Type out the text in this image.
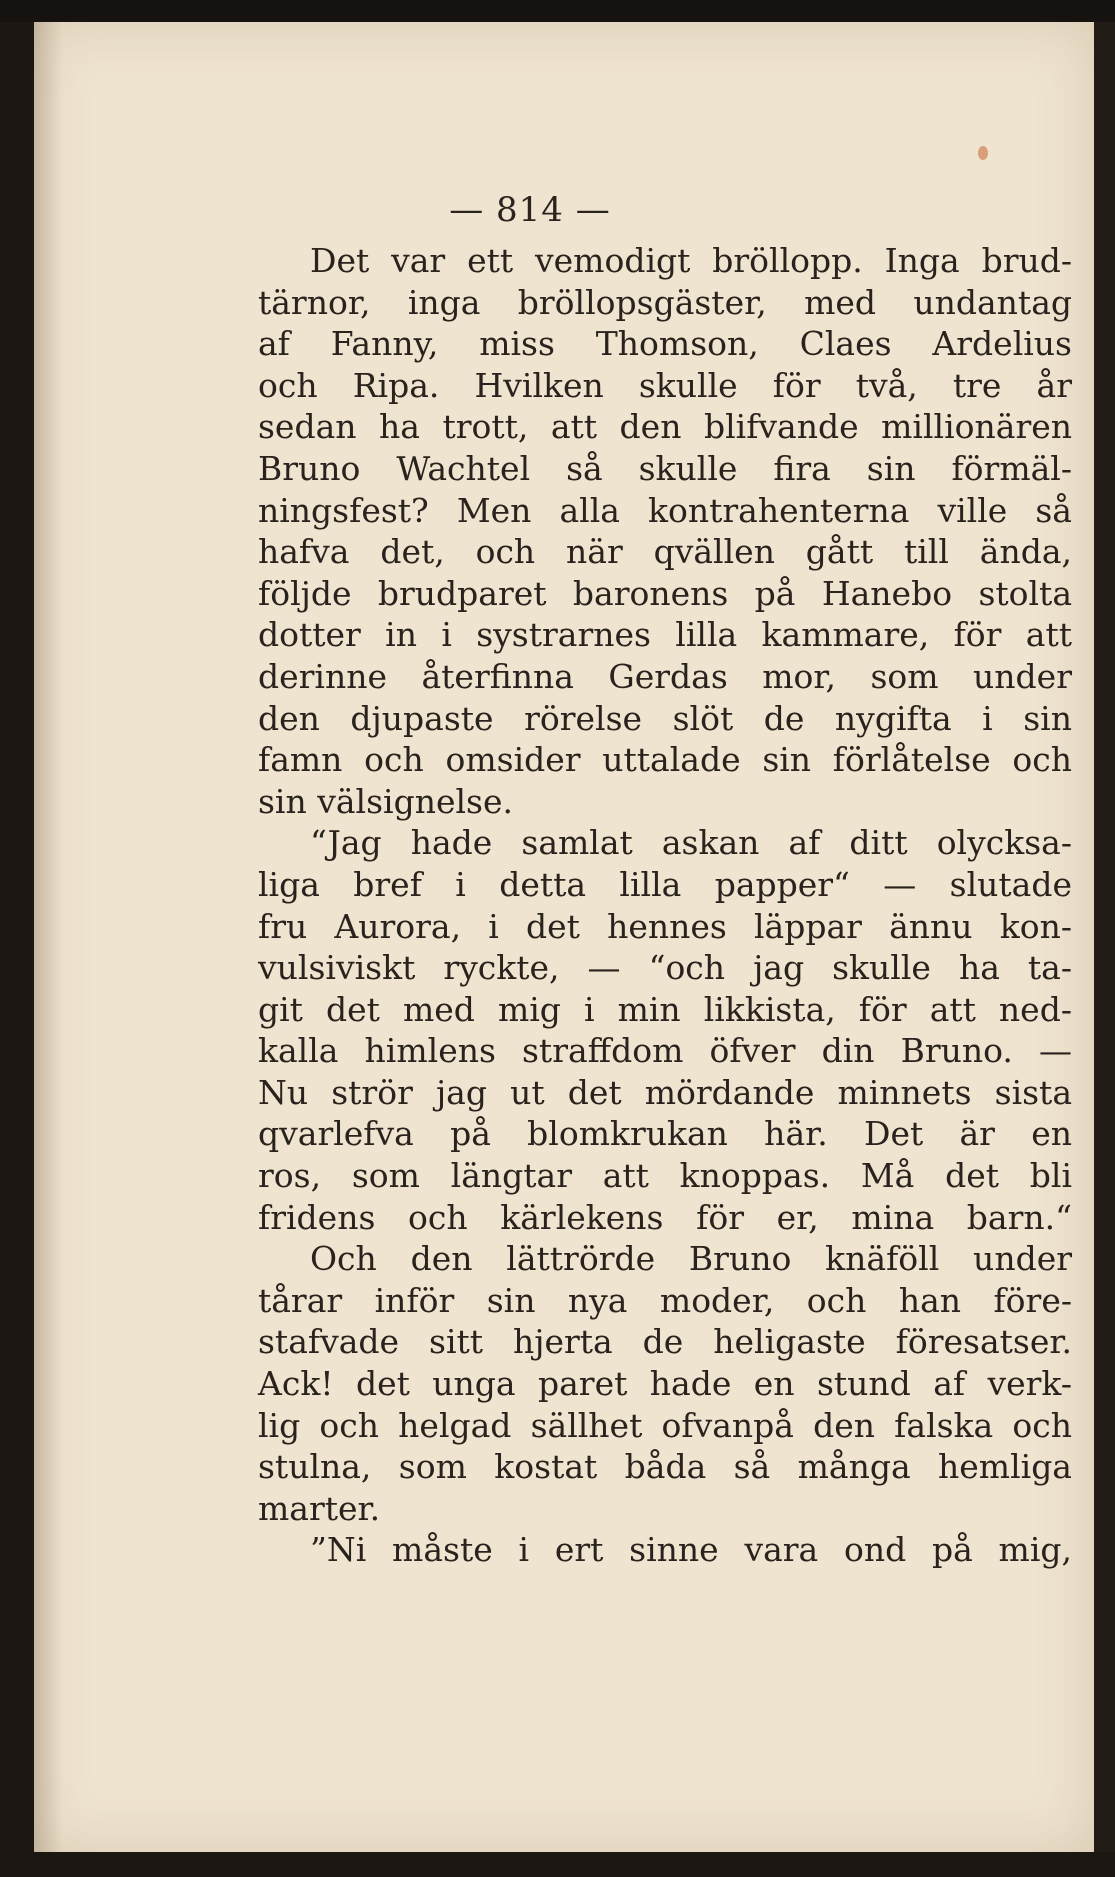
— 814 —
Det var ett vemodigt bröllopp. Inga brud-
tärnor, inga bröllopsgäster, med undantag
af Fanny, miss Thomson, Claes Ardelius
och Ripa. Hvilken skulle för två, tre år
sedan ha trott, att den blifvande millionären
Bruno Wachtel så skulle fira sin förmäl-
ningsfest? Men alla kontrahenterna ville så
hafva det, och när qvällen gått till ända,
följde brudparet baronens på Hanebo stolta
dotter in i systrarnes lilla kammare, för att
derinne återfinna Gerdas mor, som under
den djupaste rörelse slöt de nygifta i sin
famn och omsider uttalade sin förlåtelse och
sin välsignelse.
“Jag hade samlat askan af ditt olycksa-
liga bref i detta lilla papper“ — slutade
fru Aurora, i det hennes läppar ännu kon-
vulsiviskt ryckte, — “och jag skulle ha ta-
git det med mig i min likkista, för att ned-
kalla himlens straffdom öfver din Bruno. —
Nu strör jag ut det mördande minnets sista
qvarlefva på blomkrukan här. Det är en
ros, som längtar att knoppas. Må det bli
fridens och kärlekens för er, mina barn.“
Och den lättrörde Bruno knäföll under
tårar inför sin nya moder, och han före-
stafvade sitt hjerta de heligaste föresatser.
Ack! det unga paret hade en stund af verk-
lig och helgad sällhet ofvanpå den falska och
stulna, som kostat båda så många hemliga
marter.
”Ni måste i ert sinne vara ond på mig,
